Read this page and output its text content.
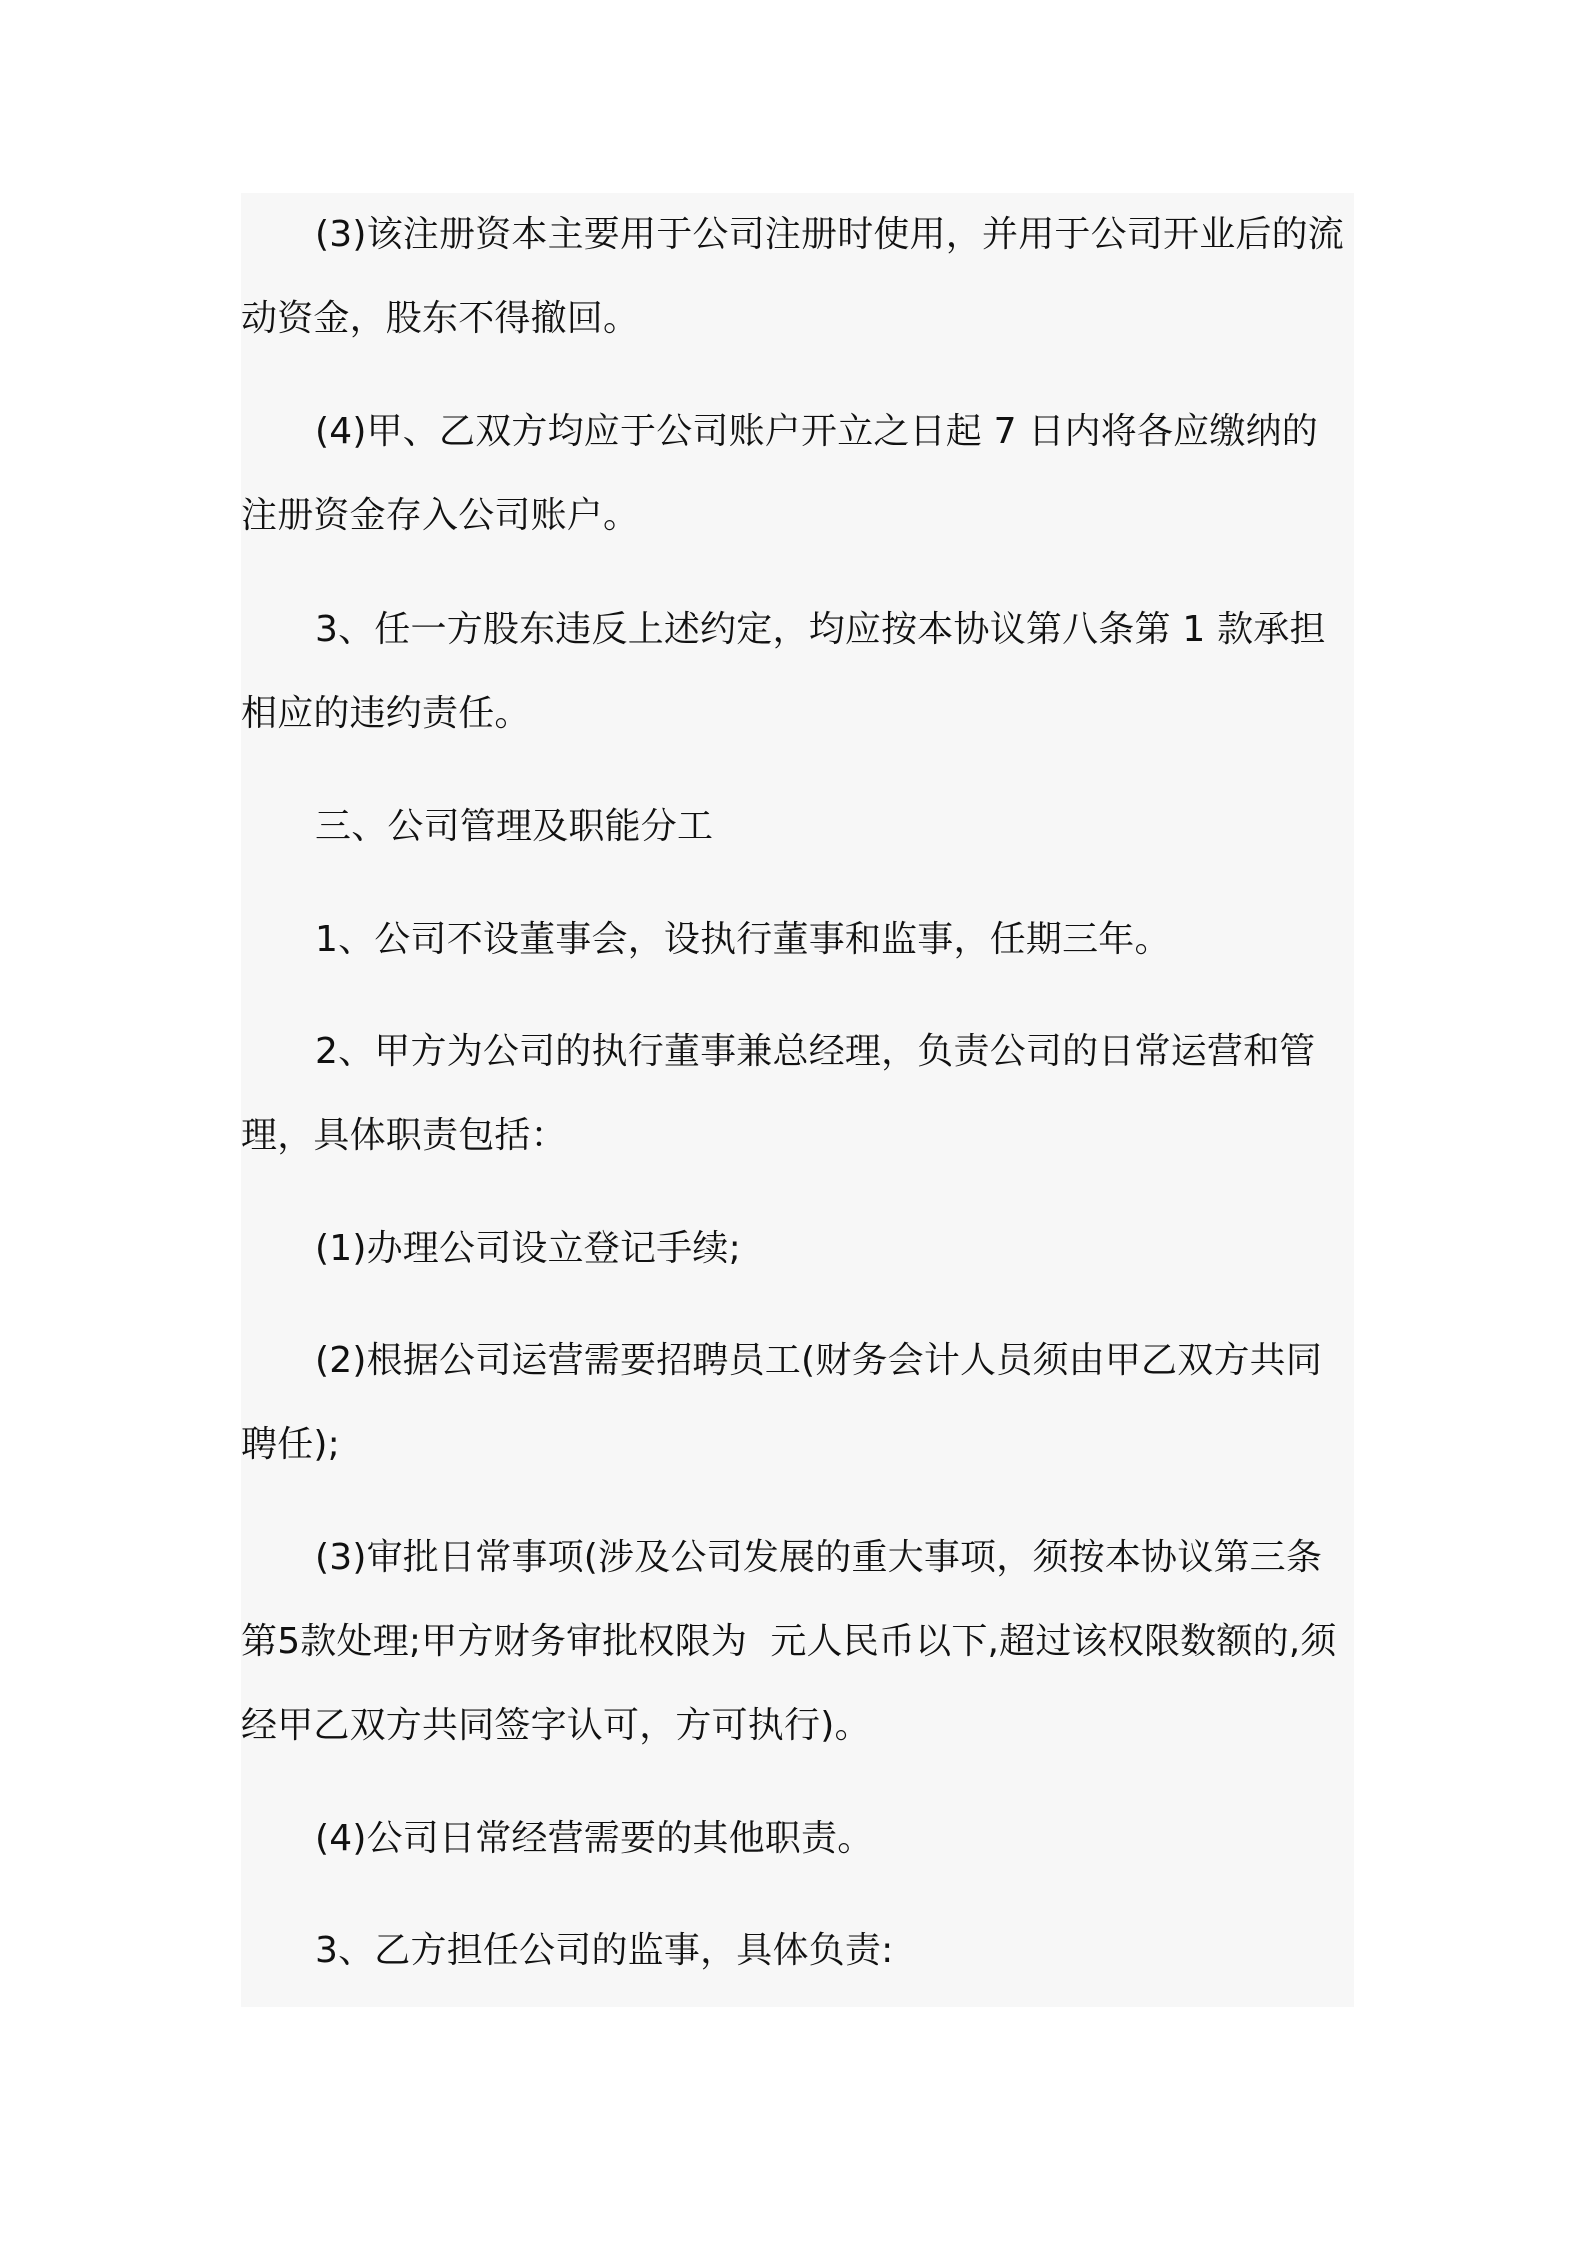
(3)该注册资本主要用于公司注册时使用，并用于公司开业后的流动资金，股东不得撤回。

(4)甲、乙双方均应于公司账户开立之日起 7 日内将各应缴纳的注册资金存入公司账户。

3、任一方股东违反上述约定，均应按本协议第八条第 1 款承担相应的违约责任。

三、公司管理及职能分工

1、公司不设董事会，设执行董事和监事，任期三年。

2、甲方为公司的执行董事兼总经理，负责公司的日常运营和管理，具体职责包括：

(1)办理公司设立登记手续;

(2)根据公司运营需要招聘员工(财务会计人员须由甲乙双方共同聘任);

(3)审批日常事项(涉及公司发展的重大事项，须按本协议第三条第5款处理;甲方财务审批权限为  元人民币以下,超过该权限数额的,须经甲乙双方共同签字认可，方可执行)。

(4)公司日常经营需要的其他职责。

3、乙方担任公司的监事，具体负责:
